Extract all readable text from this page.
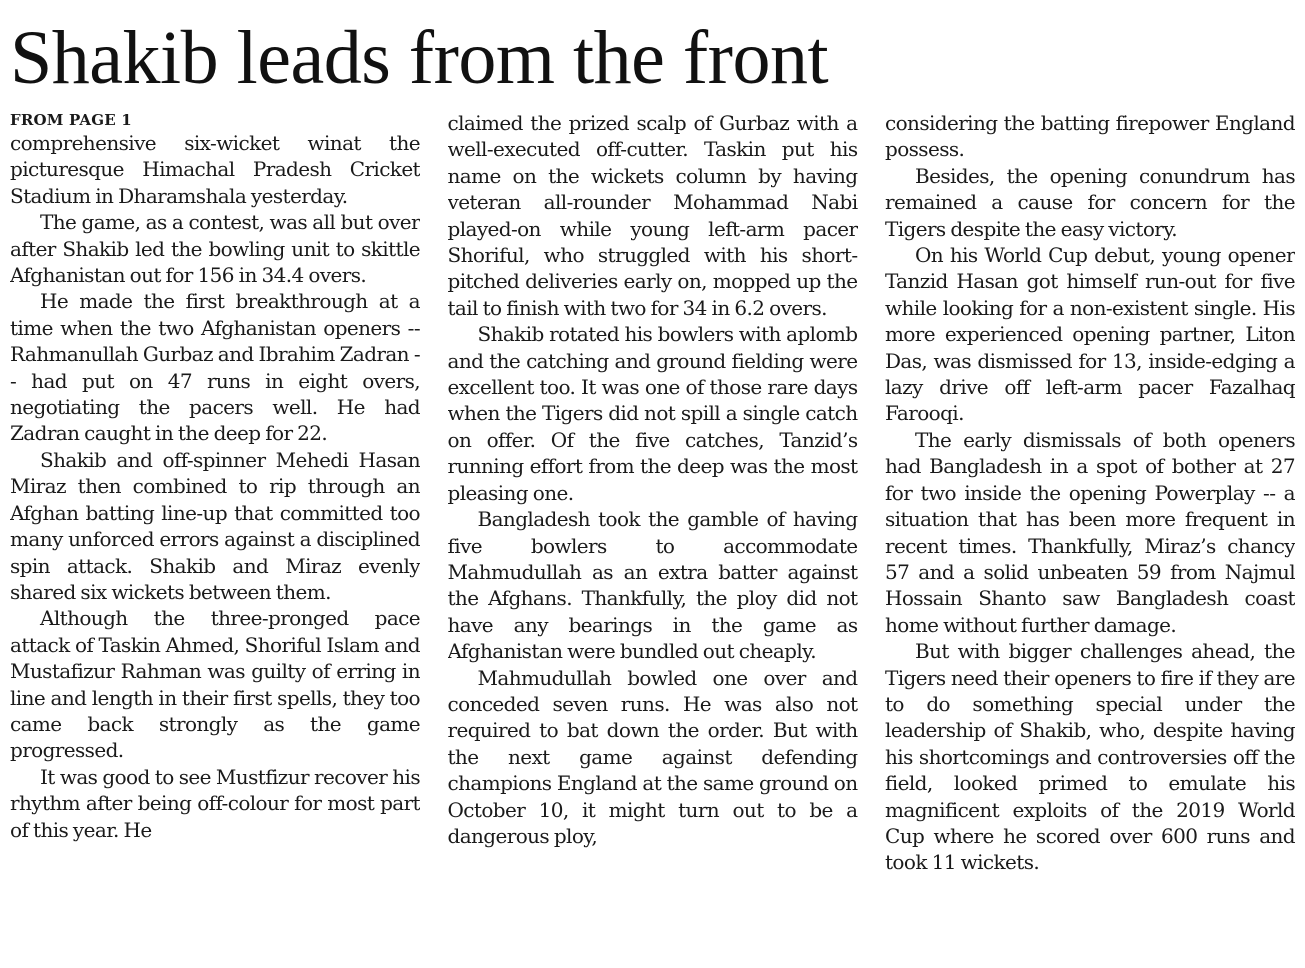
Shakib leads from the front

FROM PAGE 1

comprehensive six-wicket winat the picturesque Himachal Pradesh Cricket Stadium in Dharamshala yesterday.

The game, as a contest, was all but over after Shakib led the bowling unit to skittle Afghanistan out for 156 in 34.4 overs.

He made the first breakthrough at a time when the two Afghanistan openers -- Rahmanullah Gurbaz and Ibrahim Zadran -- had put on 47 runs in eight overs, negotiating the pacers well. He had Zadran caught in the deep for 22.

Shakib and off-spinner Mehedi Hasan Miraz then combined to rip through an Afghan batting line-up that committed too many unforced errors against a disciplined spin attack. Shakib and Miraz evenly shared six wickets between them.

Although the three-pronged pace attack of Taskin Ahmed, Shoriful Islam and Mustafizur Rahman was guilty of erring in line and length in their first spells, they too came back strongly as the game progressed.

It was good to see Mustfizur recover his rhythm after being off-colour for most part of this year. He

claimed the prized scalp of Gurbaz with a well-executed off-cutter. Taskin put his name on the wickets column by having veteran all-rounder Mohammad Nabi played-on while young left-arm pacer Shoriful, who struggled with his short-pitched deliveries early on, mopped up the tail to finish with two for 34 in 6.2 overs.

Shakib rotated his bowlers with aplomb and the catching and ground fielding were excellent too. It was one of those rare days when the Tigers did not spill a single catch on offer. Of the five catches, Tanzid’s running effort from the deep was the most pleasing one.

Bangladesh took the gamble of having five bowlers to accommodate Mahmudullah as an extra batter against the Afghans. Thankfully, the ploy did not have any bearings in the game as Afghanistan were bundled out cheaply.

Mahmudullah bowled one over and conceded seven runs. He was also not required to bat down the order. But with the next game against defending champions England at the same ground on October 10, it might turn out to be a dangerous ploy,

considering the batting firepower England possess.

Besides, the opening conundrum has remained a cause for concern for the Tigers despite the easy victory.

On his World Cup debut, young opener Tanzid Hasan got himself run-out for five while looking for a non-existent single. His more experienced opening partner, Liton Das, was dismissed for 13, inside-edging a lazy drive off left-arm pacer Fazalhaq Farooqi.

The early dismissals of both openers had Bangladesh in a spot of bother at 27 for two inside the opening Powerplay -- a situation that has been more frequent in recent times. Thankfully, Miraz’s chancy 57 and a solid unbeaten 59 from Najmul Hossain Shanto saw Bangladesh coast home without further damage.

But with bigger challenges ahead, the Tigers need their openers to fire if they are to do something special under the leadership of Shakib, who, despite having his shortcomings and controversies off the field, looked primed to emulate his magnificent exploits of the 2019 World Cup where he scored over 600 runs and took 11 wickets.
